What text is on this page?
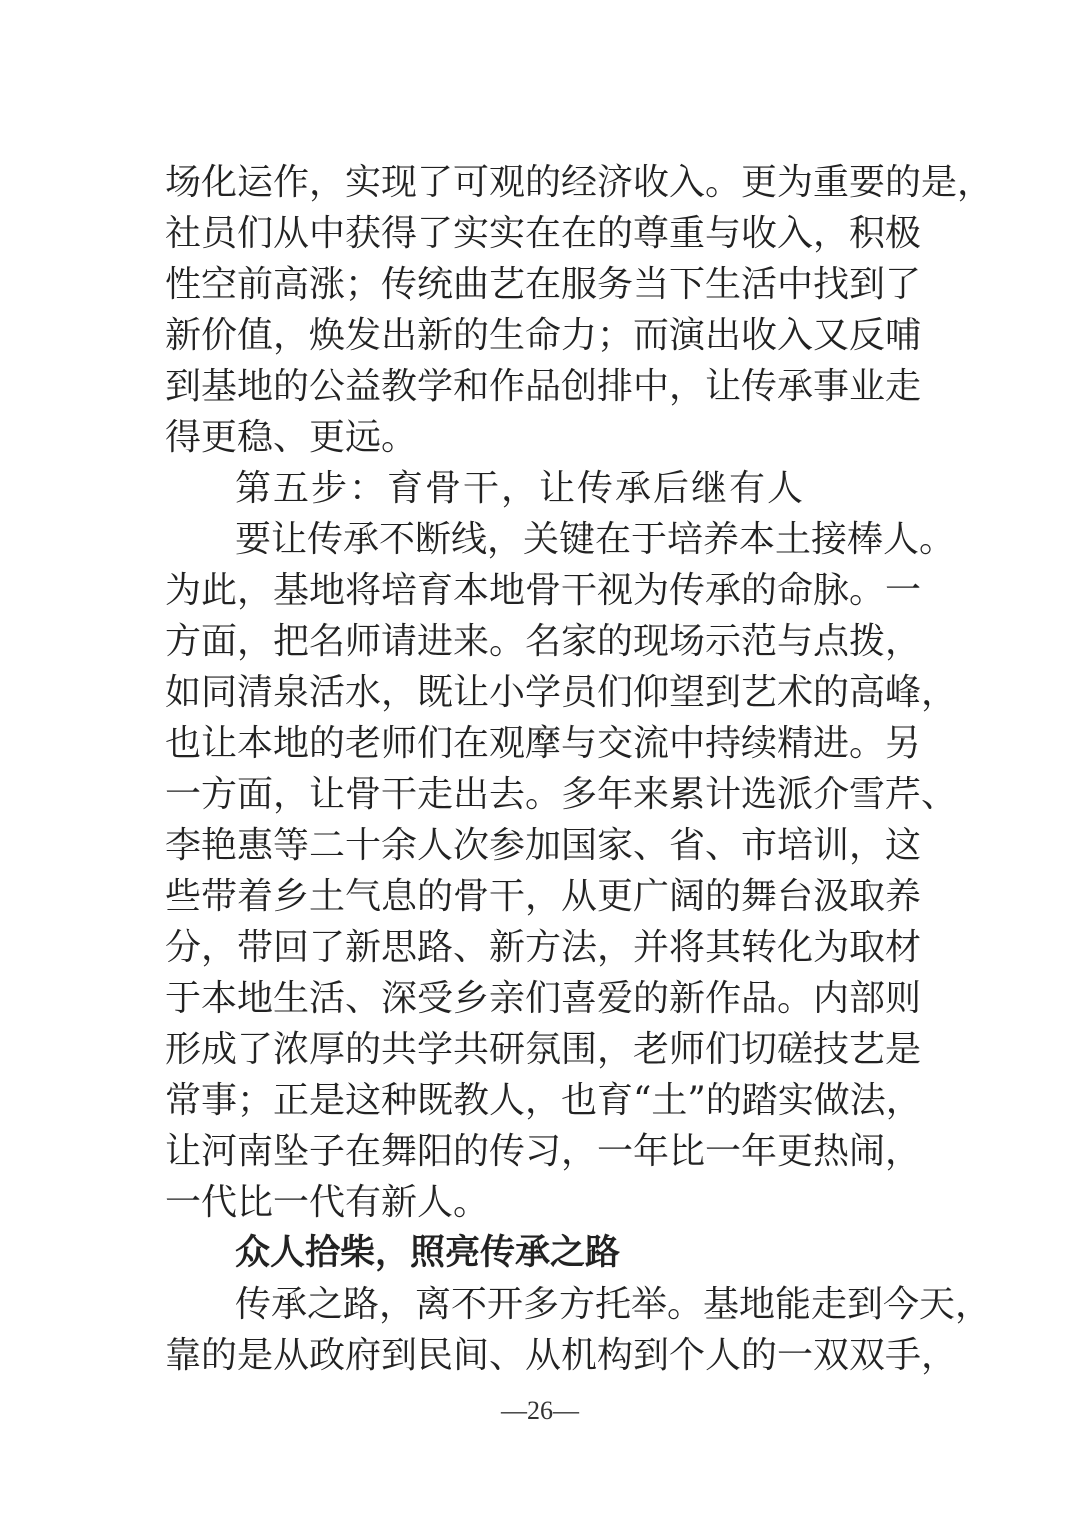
场化运作，实现了可观的经济收入。更为重要的是，
社员们从中获得了实实在在的尊重与收入，积极
性空前高涨；传统曲艺在服务当下生活中找到了
新价值，焕发出新的生命力；而演出收入又反哺
到基地的公益教学和作品创排中，让传承事业走
得更稳、更远。
第五步：育骨干，让传承后继有人
要让传承不断线，关键在于培养本土接棒人。
为此，基地将培育本地骨干视为传承的命脉。一
方面，把名师请进来。名家的现场示范与点拨，
如同清泉活水，既让小学员们仰望到艺术的高峰，
也让本地的老师们在观摩与交流中持续精进。另
一方面，让骨干走出去。多年来累计选派介雪芹、
李艳惠等二十余人次参加国家、省、市培训，这
些带着乡土气息的骨干，从更广阔的舞台汲取养
分，带回了新思路、新方法，并将其转化为取材
于本地生活、深受乡亲们喜爱的新作品。内部则
形成了浓厚的共学共研氛围，老师们切磋技艺是
常事；正是这种既教人，也育“土”的踏实做法，
让河南坠子在舞阳的传习，一年比一年更热闹，
一代比一代有新人。
众人拾柴，照亮传承之路
传承之路，离不开多方托举。基地能走到今天，
靠的是从政府到民间、从机构到个人的一双双手，
—26—
